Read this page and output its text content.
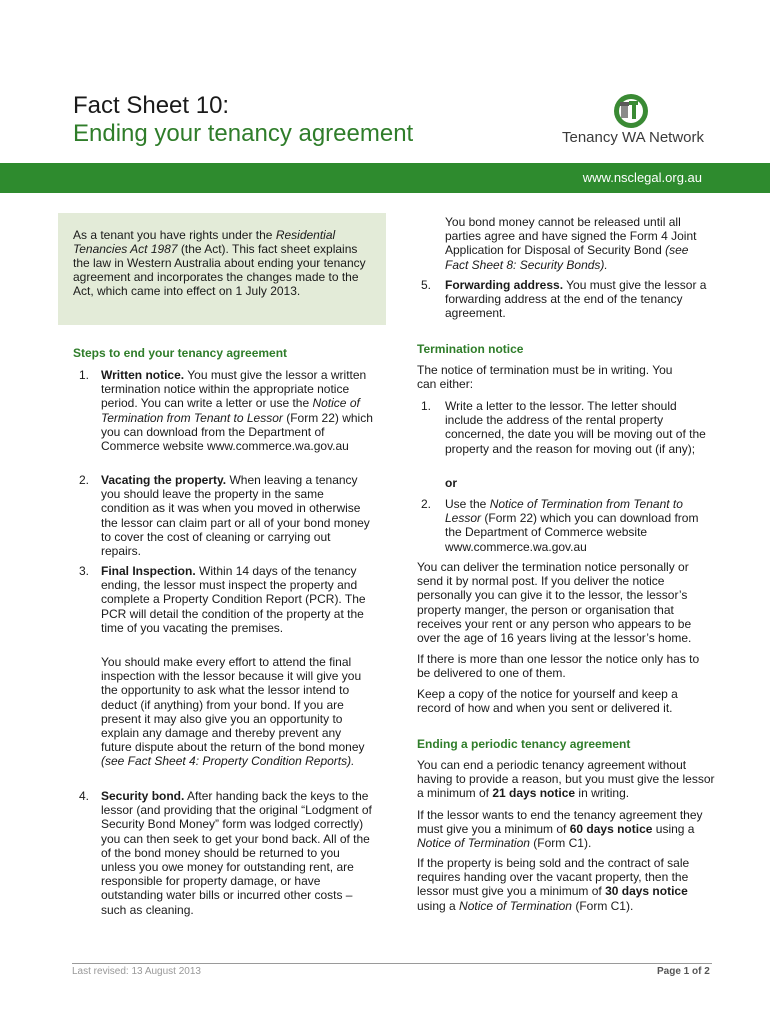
Fact Sheet 10:
Ending your tenancy agreement	Tenancy WA Network
www.nsclegal.org.au
As a tenant you have rights under the Residential Tenancies Act 1987 (the Act). This fact sheet explains the law in Western Australia about ending your tenancy agreement and incorporates the changes made to the Act, which came into effect on 1 July 2013.
Steps to end your tenancy agreement
1. Written notice. You must give the lessor a written termination notice within the appropriate notice period. You can write a letter or use the Notice of Termination from Tenant to Lessor (Form 22) which you can download from the Department of Commerce website www.commerce.wa.gov.au
2. Vacating the property. When leaving a tenancy you should leave the property in the same condition as it was when you moved in otherwise the lessor can claim part or all of your bond money to cover the cost of cleaning or carrying out repairs.
3. Final Inspection. Within 14 days of the tenancy ending, the lessor must inspect the property and complete a Property Condition Report (PCR). The PCR will detail the condition of the property at the time of you vacating the premises.
You should make every effort to attend the final inspection with the lessor because it will give you the opportunity to ask what the lessor intend to deduct (if anything) from your bond. If you are present it may also give you an opportunity to explain any damage and thereby prevent any future dispute about the return of the bond money (see Fact Sheet 4: Property Condition Reports).
4. Security bond. After handing back the keys to the lessor (and providing that the original “Lodgment of Security Bond Money” form was lodged correctly) you can then seek to get your bond back. All of the of the bond money should be returned to you unless you owe money for outstanding rent, are responsible for property damage, or have outstanding water bills or incurred other costs – such as cleaning.
You bond money cannot be released until all parties agree and have signed the Form 4 Joint Application for Disposal of Security Bond (see Fact Sheet 8: Security Bonds).
5. Forwarding address. You must give the lessor a forwarding address at the end of the tenancy agreement.
Termination notice
The notice of termination must be in writing. You can either:
1. Write a letter to the lessor. The letter should include the address of the rental property concerned, the date you will be moving out of the property and the reason for moving out (if any);
or
2. Use the Notice of Termination from Tenant to Lessor (Form 22) which you can download from the Department of Commerce website www.commerce.wa.gov.au
You can deliver the termination notice personally or send it by normal post. If you deliver the notice personally you can give it to the lessor, the lessor’s property manger, the person or organisation that receives your rent or any person who appears to be over the age of 16 years living at the lessor’s home.
If there is more than one lessor the notice only has to be delivered to one of them.
Keep a copy of the notice for yourself and keep a record of how and when you sent or delivered it.
Ending a periodic tenancy agreement
You can end a periodic tenancy agreement without having to provide a reason, but you must give the lessor a minimum of 21 days notice in writing.
If the lessor wants to end the tenancy agreement they must give you a minimum of 60 days notice using a Notice of Termination (Form C1).
If the property is being sold and the contract of sale requires handing over the vacant property, then the lessor must give you a minimum of 30 days notice using a Notice of Termination (Form C1).
Last revised: 13 August 2013	Page 1 of 2
